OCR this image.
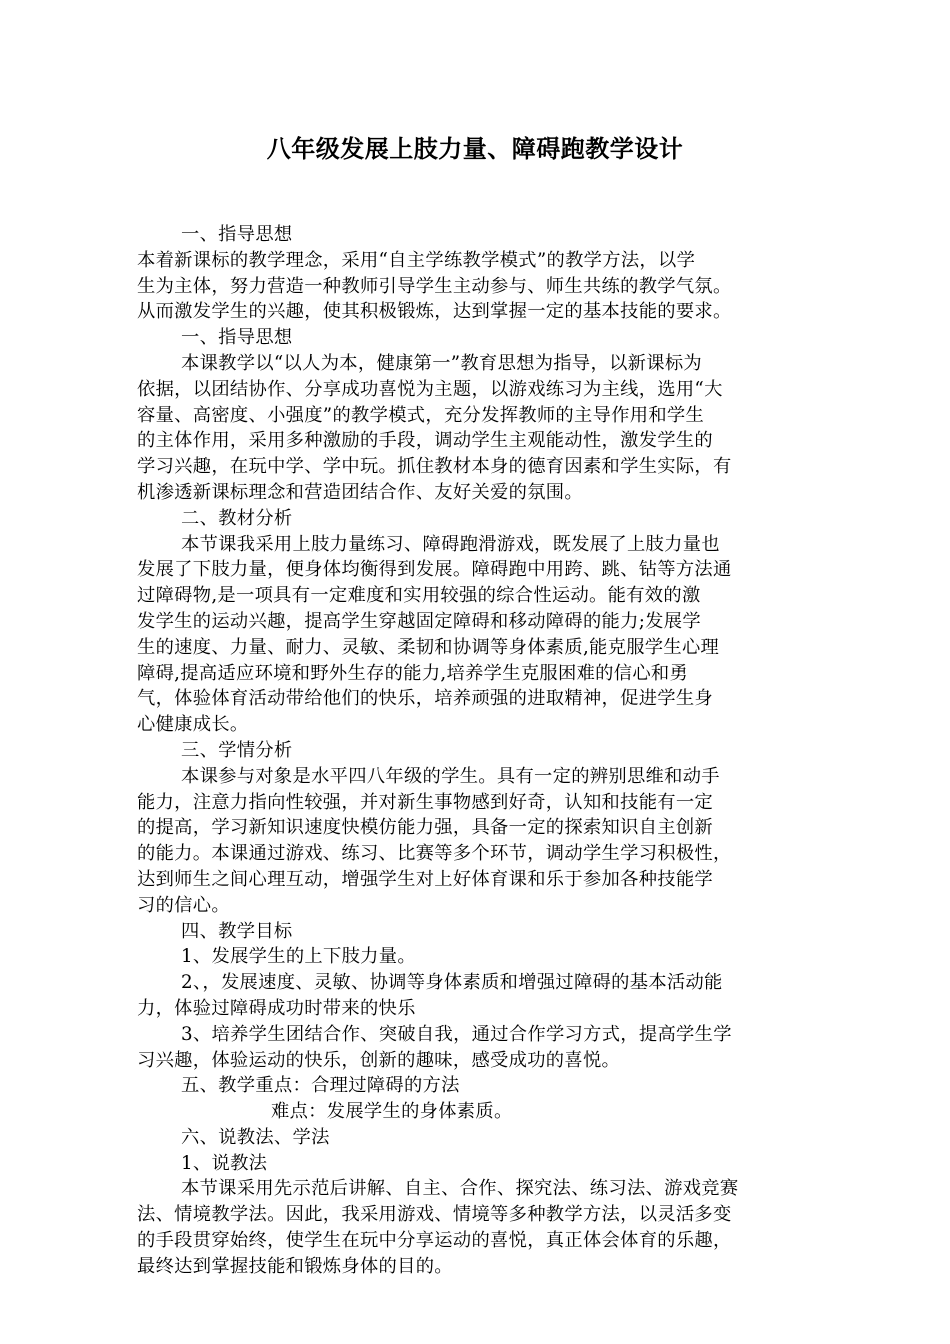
八年级发展上肢力量、障碍跑教学设计

一、指导思想

本着新课标的教学理念，采用“自主学练教学模式”的教学方法，以学

生为主体，努力营造一种教师引导学生主动参与、师生共练的教学气氛。

从而激发学生的兴趣，使其积极锻炼，达到掌握一定的基本技能的要求。

一、指导思想

本课教学以“以人为本，健康第一”教育思想为指导，以新课标为

依据，以团结协作、分享成功喜悦为主题，以游戏练习为主线，选用“大

容量、高密度、小强度”的教学模式，充分发挥教师的主导作用和学生

的主体作用，采用多种激励的手段，调动学生主观能动性，激发学生的

学习兴趣，在玩中学、学中玩。抓住教材本身的德育因素和学生实际，有

机渗透新课标理念和营造团结合作、友好关爱的氛围。

二、教材分析

本节课我采用上肢力量练习、障碍跑滑游戏，既发展了上肢力量也

发展了下肢力量，便身体均衡得到发展。障碍跑中用跨、跳、钻等方法通

过障碍物,是一项具有一定难度和实用较强的综合性运动。能有效的激

发学生的运动兴趣，提高学生穿越固定障碍和移动障碍的能力;发展学

生的速度、力量、耐力、灵敏、柔韧和协调等身体素质,能克服学生心理

障碍,提高适应环境和野外生存的能力,培养学生克服困难的信心和勇

气，体验体育活动带给他们的快乐，培养顽强的进取精神，促进学生身

心健康成长。

三、学情分析

本课参与对象是水平四八年级的学生。具有一定的辨别思维和动手

能力，注意力指向性较强，并对新生事物感到好奇，认知和技能有一定

的提高，学习新知识速度快模仿能力强，具备一定的探索知识自主创新

的能力。本课通过游戏、练习、比赛等多个环节，调动学生学习积极性，

达到师生之间心理互动，增强学生对上好体育课和乐于参加各种技能学

习的信心。

四、教学目标

1、发展学生的上下肢力量。

2、，发展速度、灵敏、协调等身体素质和增强过障碍的基本活动能

力，体验过障碍成功时带来的快乐

3、培养学生团结合作、突破自我，通过合作学习方式，提高学生学

习兴趣，体验运动的快乐，创新的趣味，感受成功的喜悦。

五、教学重点：合理过障碍的方法

难点：发展学生的身体素质。

六、说教法、学法

1、说教法

本节课采用先示范后讲解、自主、合作、探究法、练习法、游戏竞赛

法、情境教学法。因此，我采用游戏、情境等多种教学方法，以灵活多变

的手段贯穿始终，使学生在玩中分享运动的喜悦，真正体会体育的乐趣，

最终达到掌握技能和锻炼身体的目的。
